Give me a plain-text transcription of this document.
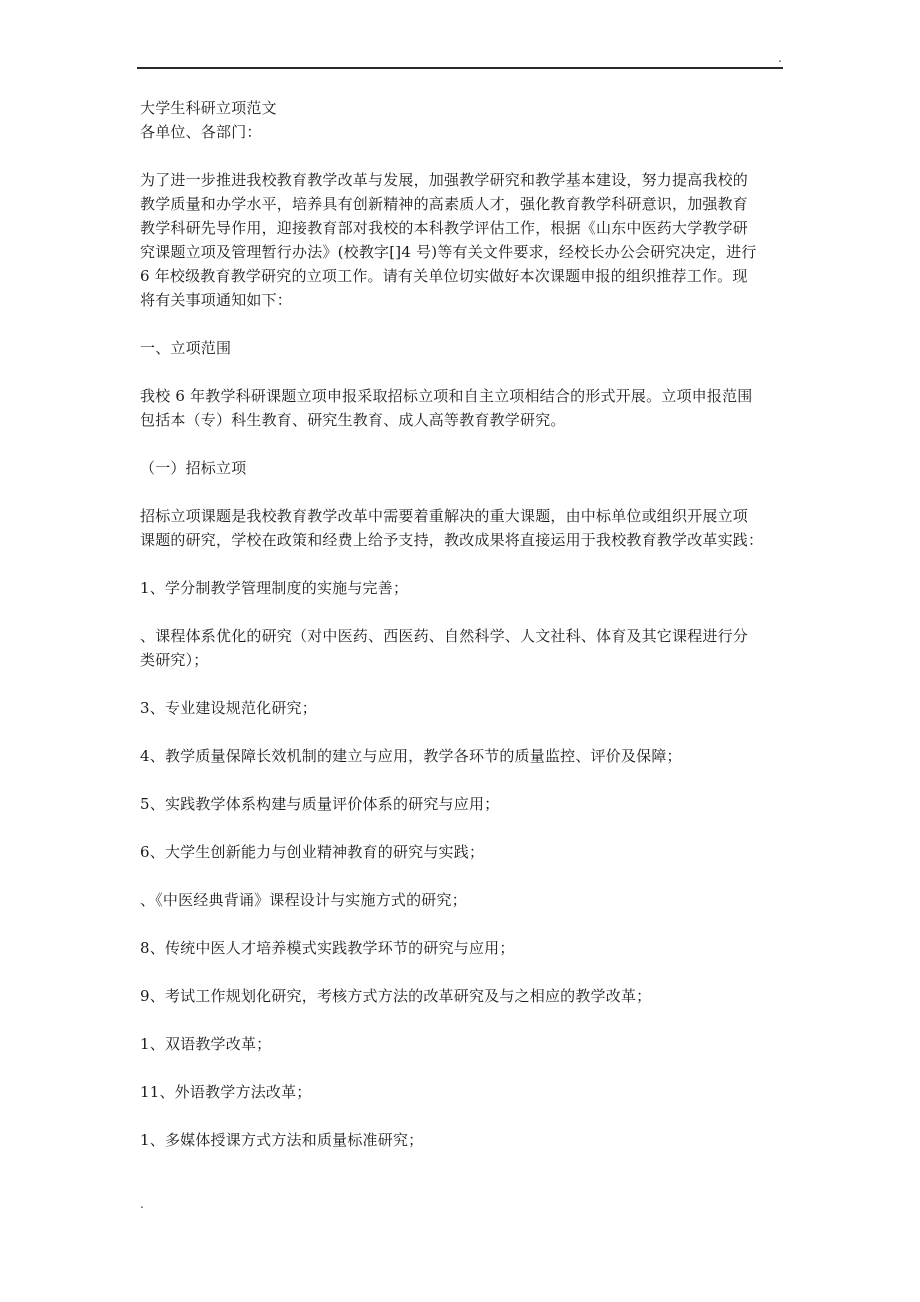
.

大学生科研立项范文

各单位、各部门：

为了进一步推进我校教育教学改革与发展，加强教学研究和教学基本建设，努力提高我校的

教学质量和办学水平，培养具有创新精神的高素质人才，强化教育教学科研意识，加强教育

教学科研先导作用，迎接教育部对我校的本科教学评估工作，根据《山东中医药大学教学研

究课题立项及管理暂行办法》(校教字[]4 号)等有关文件要求，经校长办公会研究决定，进行

6 年校级教育教学研究的立项工作。请有关单位切实做好本次课题申报的组织推荐工作。现

将有关事项通知如下：

一、立项范围

我校 6 年教学科研课题立项申报采取招标立项和自主立项相结合的形式开展。立项申报范围

包括本（专）科生教育、研究生教育、成人高等教育教学研究。

（一）招标立项

招标立项课题是我校教育教学改革中需要着重解决的重大课题，由中标单位或组织开展立项

课题的研究，学校在政策和经费上给予支持，教改成果将直接运用于我校教育教学改革实践：

1、学分制教学管理制度的实施与完善；

、课程体系优化的研究（对中医药、西医药、自然科学、人文社科、体育及其它课程进行分

类研究）；

3、专业建设规范化研究；

4、教学质量保障长效机制的建立与应用，教学各环节的质量监控、评价及保障；

5、实践教学体系构建与质量评价体系的研究与应用；

6、大学生创新能力与创业精神教育的研究与实践；

、《中医经典背诵》课程设计与实施方式的研究；

8、传统中医人才培养模式实践教学环节的研究与应用；

9、考试工作规划化研究，考核方式方法的改革研究及与之相应的教学改革；

1、双语教学改革；

11、外语教学方法改革；

1、多媒体授课方式方法和质量标准研究；

.
